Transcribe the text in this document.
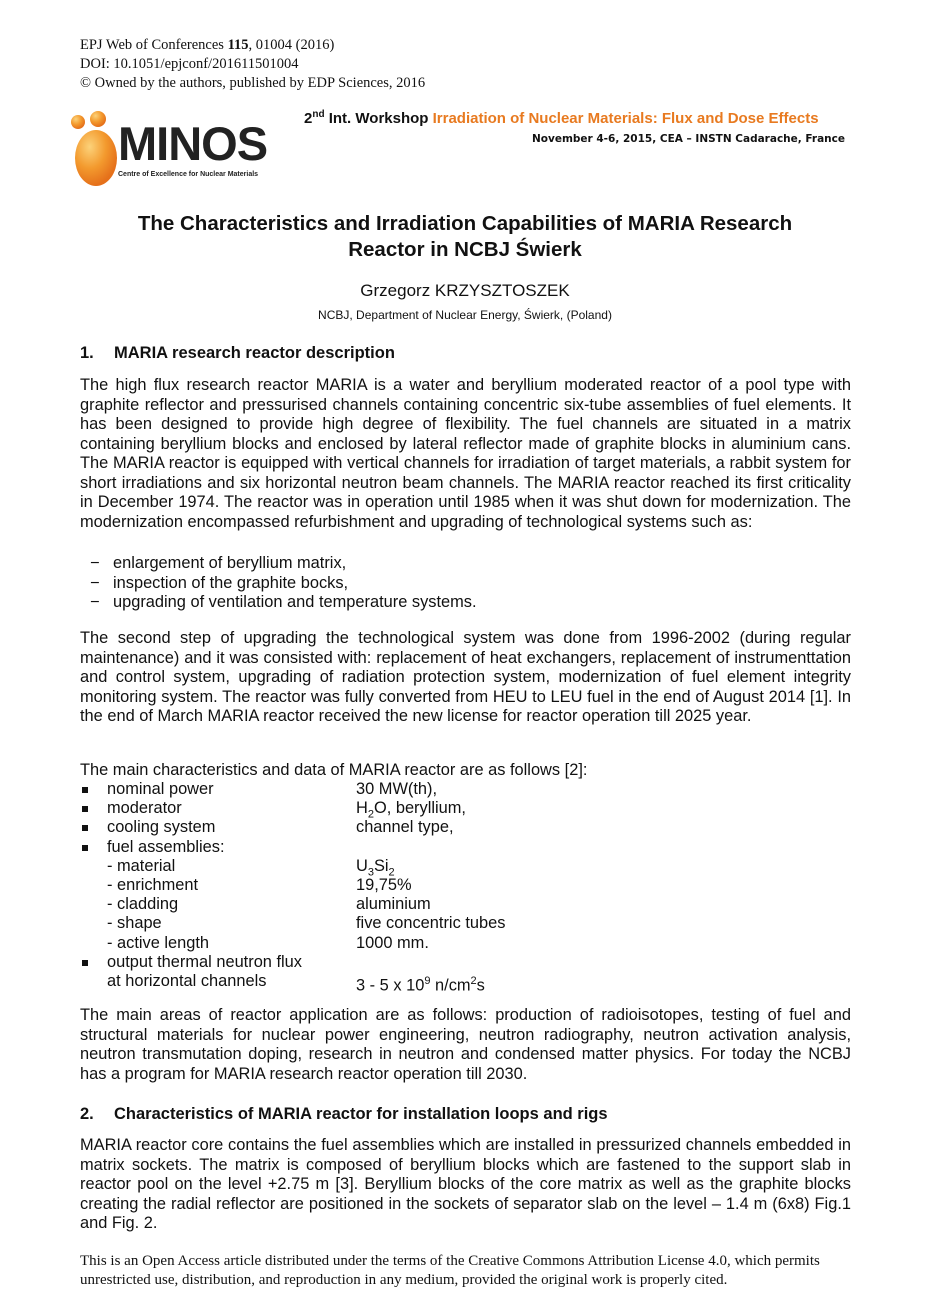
EPJ Web of Conferences 115, 01004 (2016)
DOI: 10.1051/epjconf/201611501004
© Owned by the authors, published by EDP Sciences, 2016
MINOS
Centre of Excellence for Nuclear Materials
2nd Int. Workshop Irradiation of Nuclear Materials: Flux and Dose Effects
November 4-6, 2015, CEA – INSTN Cadarache, France
The Characteristics and Irradiation Capabilities of MARIA Research
Reactor in NCBJ Świerk
Grzegorz KRZYSZTOSZEK
NCBJ, Department of Nuclear Energy, Świerk, (Poland)
1. MARIA research reactor description
The high flux research reactor MARIA is a water and beryllium moderated reactor of a pool type with graphite reflector and pressurised channels containing concentric six-tube assemblies of fuel elements. It has been designed to provide high degree of flexibility. The fuel channels are situated in a matrix containing beryllium blocks and enclosed by lateral reflector made of graphite blocks in aluminium cans. The MARIA reactor is equipped with vertical channels for irradiation of target materials, a rabbit system for short irradiations and six horizontal neutron beam channels. The MARIA reactor reached its first criticality in December 1974. The reactor was in operation until 1985 when it was shut down for modernization. The modernization encompassed refurbishment and upgrading of technological systems such as:
− enlargement of beryllium matrix,
− inspection of the graphite bocks,
− upgrading of ventilation and temperature systems.
The second step of upgrading the technological system was done from 1996-2002 (during regular maintenance) and it was consisted with: replacement of heat exchangers, replacement of instrumenttation and control system, upgrading of radiation protection system, modernization of fuel element integrity monitoring system. The reactor was fully converted from HEU to LEU fuel in the end of August 2014 [1]. In the end of March MARIA reactor received the new license for reactor operation till 2025 year.
The main characteristics and data of MARIA reactor are as follows [2]:
nominal power	30 MW(th),
moderator	$H_2O$, beryllium,
cooling system	channel type,
fuel assemblies:
- material	$U_3Si_2$
- enrichment	19,75%
- cladding	aluminium
- shape	five concentric tubes
- active length	1000 mm.
output thermal neutron flux
at horizontal channels	3 - 5 x $10^9$ $n/cm^2s$
The main areas of reactor application are as follows: production of radioisotopes, testing of fuel and structural materials for nuclear power engineering, neutron radiography, neutron activation analysis, neutron transmutation doping, research in neutron and condensed matter physics. For today the NCBJ has a program for MARIA research reactor operation till 2030.
2. Characteristics of MARIA reactor for installation loops and rigs
MARIA reactor core contains the fuel assemblies which are installed in pressurized channels embedded in matrix sockets. The matrix is composed of beryllium blocks which are fastened to the support slab in reactor pool on the level +2.75 m [3]. Beryllium blocks of the core matrix as well as the graphite blocks creating the radial reflector are positioned in the sockets of separator slab on the level – 1.4 m (6x8) Fig.1 and Fig. 2.
This is an Open Access article distributed under the terms of the Creative Commons Attribution License 4.0, which permits unrestricted use, distribution, and reproduction in any medium, provided the original work is properly cited.
